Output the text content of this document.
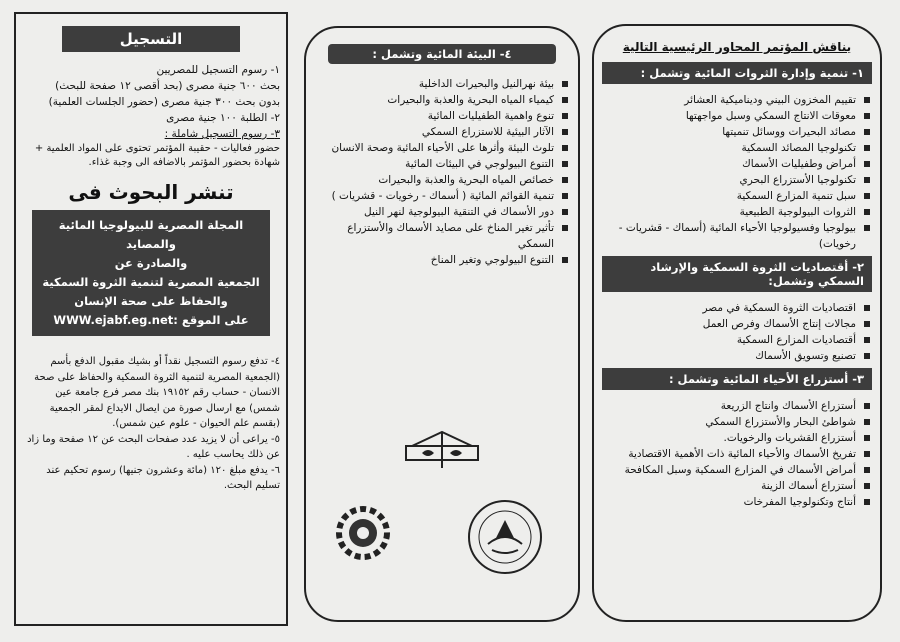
التسجيل

١- رسوم التسجيل للمصريين

بحث ٦٠٠ جنية مصرى (بحد أقصى ١٢ صفحة للبحث)

بدون بحث ٣٠٠ جنية مصرى (حضور الجلسات العلمية)

٢- الطلبة ١٠٠ جنية مصرى

٣- رسوم التسجيل شاملة :

حضور فعاليات - حقيبة المؤتمر تحتوى على المواد العلمية + شهادة بحضور المؤتمر بالاضافه الى وجبة غذاء.

تنشر البحوث فى
المجلة المصرية للبيولوجيا المائية
والمصايد
والصادرة عن
الجمعية المصرية لتنمية الثروة السمكية
والحفاظ على صحة الإنسان
على الموقع :WWW.ejabf.eg.net

٤- تدفع رسوم التسجيل نقداً أو بشيك مقبول الدفع بأسم (الجمعية المصرية لتنمية الثروة السمكية والحفاظ على صحة الانسان - حساب رقم ١٩١٥٢ بنك مصر فرع جامعة عين شمس) مع ارسال صورة من ايصال الايداع لمقر الجمعية (بقسم علم الحيوان - علوم عين شمس).

٥- يراعى أن لا يزيد عدد صفحات البحث عن ١٢ صفحة وما زاد عن ذلك يحاسب عليه .

٦- يدفع مبلغ ١٢٠ (مائة وعشرون جنيها) رسوم تحكيم عند تسليم البحث.

٤- البيئة المائية وتشمل :
بيئة نهرالنيل والبحيرات الداخلية
كيمياء المياه البحرية والعذبة والبحيرات
تنوع واهمية الطفيليات المائية
الآثار البيئية للاستزراع السمكي
تلوث البيئة وأثرها على الأحياء المائية وصحة الانسان
التنوع البيولوجي في البيئات المائية
خصائص المياه البحرية والعذبة والبحيرات
تنمية القوائم المائية ( أسماك - رخويات - قشريات )
دور الأسماك في التنقية البيولوجية لنهر النيل
تأثير تغير المناخ على مصايد الأسماك والأستزراع السمكي
التنوع البيولوجي وتغير المناخ
يناقش المؤتمر المحاور الرئيسية التالية
١- تنمية وإدارة الثروات المائية وتشمل :
تقييم المخزون البيني وديناميكية العشائر
معوقات الانتاج السمكي وسبل مواجهتها
مصائد البحيرات ووسائل تنميتها
تكنولوجيا المصائد السمكية
أمراض وطفيليات الأسماك
تكنولوجيا الأستزراع البحري
سبل تنمية المزارع السمكية
الثروات البيولوجية الطبيعية
بيولوجيا وفسيولوجيا الأحياء المائية (أسماك - قشريات - رخويات)
٢- أقتصاديات الثروة السمكية والإرشاد السمكي وتشمل:
اقتصاديات الثروة السمكية في مصر
مجالات إنتاج الأسماك وفرص العمل
أقتصاديات المزارع السمكية
تصنيع وتسويق الأسماك
٣- أستزراع الأحياء المائية وتشمل :
أستزراع الأسماك وانتاج الزريعة
شواطئ البحار والأستزراع السمكي
أستزراع القشريات والرخويات.
تفريخ الأسماك والأحياء المائية ذات الأهمية الاقتصادية
أمراض الأسماك في المزارع السمكية وسبل المكافحة
أستزراع أسماك الزينة
أنتاج وتكنولوجيا المفرخات
